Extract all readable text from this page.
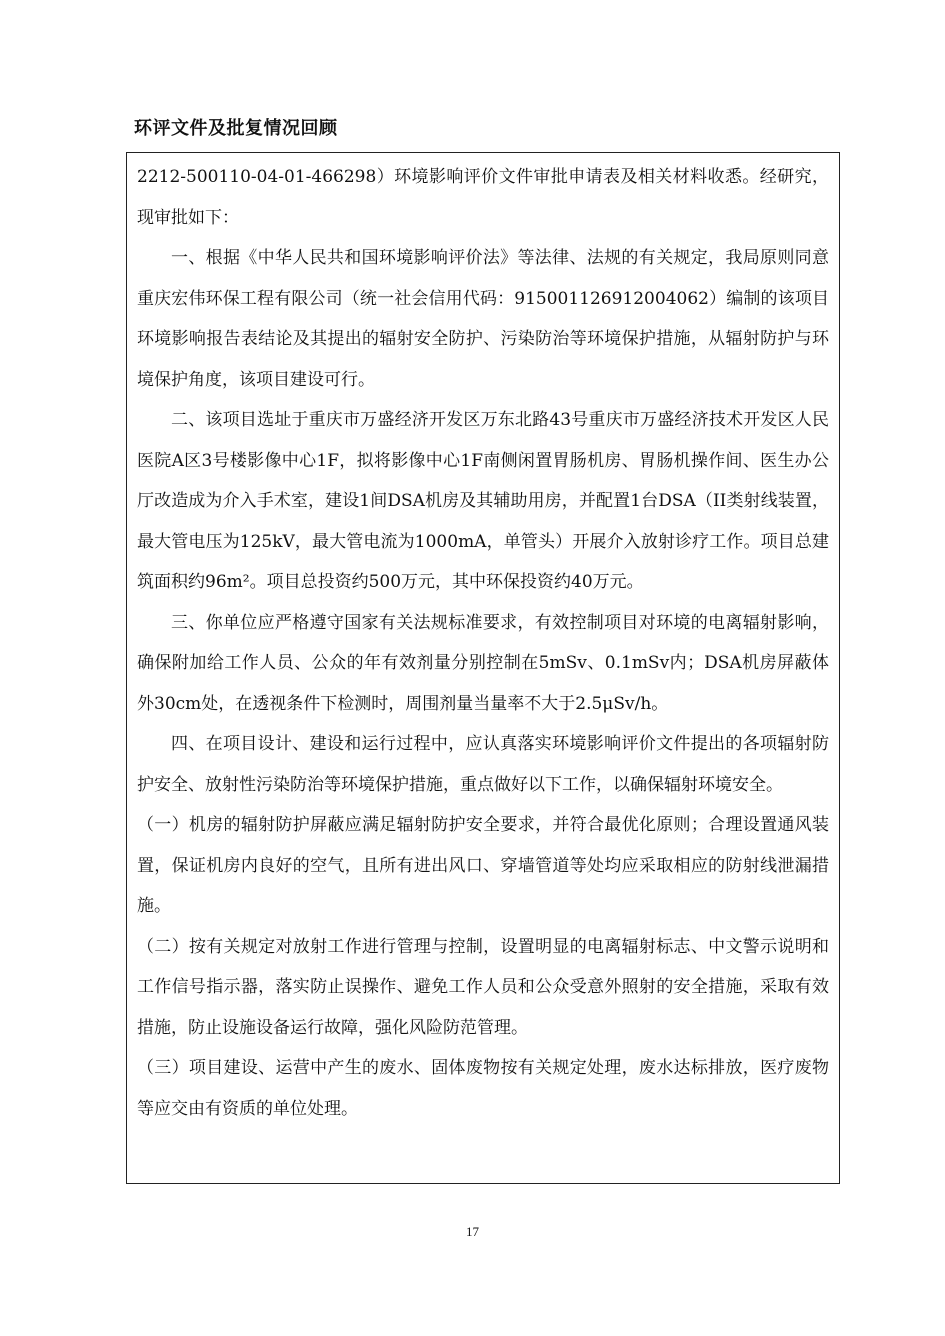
环评文件及批复情况回顾

2212-500110-04-01-466298）环境影响评价文件审批申请表及相关材料收悉。经研究，现审批如下：

一、根据《中华人民共和国环境影响评价法》等法律、法规的有关规定，我局原则同意重庆宏伟环保工程有限公司（统一社会信用代码：915001126912004062）编制的该项目环境影响报告表结论及其提出的辐射安全防护、污染防治等环境保护措施，从辐射防护与环境保护角度，该项目建设可行。

二、该项目选址于重庆市万盛经济开发区万东北路43号重庆市万盛经济技术开发区人民医院A区3号楼影像中心1F，拟将影像中心1F南侧闲置胃肠机房、胃肠机操作间、医生办公厅改造成为介入手术室，建设1间DSA机房及其辅助用房，并配置1台DSA（II类射线装置，最大管电压为125kV，最大管电流为1000mA，单管头）开展介入放射诊疗工作。项目总建筑面积约96m²。项目总投资约500万元，其中环保投资约40万元。

三、你单位应严格遵守国家有关法规标准要求，有效控制项目对环境的电离辐射影响，确保附加给工作人员、公众的年有效剂量分别控制在5mSv、0.1mSv内；DSA机房屏蔽体外30cm处，在透视条件下检测时，周围剂量当量率不大于2.5μSv/h。

四、在项目设计、建设和运行过程中，应认真落实环境影响评价文件提出的各项辐射防护安全、放射性污染防治等环境保护措施，重点做好以下工作，以确保辐射环境安全。

（一）机房的辐射防护屏蔽应满足辐射防护安全要求，并符合最优化原则；合理设置通风装置，保证机房内良好的空气，且所有进出风口、穿墙管道等处均应采取相应的防射线泄漏措施。

（二）按有关规定对放射工作进行管理与控制，设置明显的电离辐射标志、中文警示说明和工作信号指示器，落实防止误操作、避免工作人员和公众受意外照射的安全措施，采取有效措施，防止设施设备运行故障，强化风险防范管理。

（三）项目建设、运营中产生的废水、固体废物按有关规定处理，废水达标排放，医疗废物等应交由有资质的单位处理。

17
